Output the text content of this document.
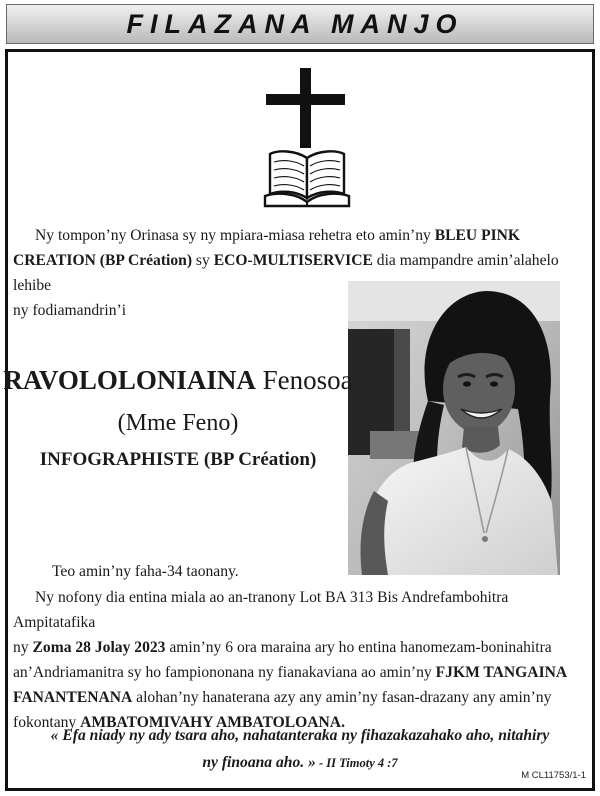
FILAZANA MANJO

Ny tompon’ny Orinasa sy ny mpiara-miasa rehetra eto amin’ny BLEU PINK
CREATION (BP Création) sy ECO-MULTISERVICE dia mampandre amin’alahelo lehibe
ny fodiamandrin’i

RAVOLOLONIAINA Fenosoa

(Mme Feno)

INFOGRAPHISTE (BP Création)

Teo amin’ny faha-34 taonany.

Ny nofony dia entina miala ao an-tranony Lot BA 313 Bis Andrefambohitra Ampitatafika
ny Zoma 28 Jolay 2023 amin’ny 6 ora maraina ary ho entina hanomezam-boninahitra
an’Andriamanitra sy ho fampiononana ny fianakaviana ao amin’ny FJKM TANGAINA
FANANTENANA alohan’ny hanaterana azy any amin’ny fasan-drazany any amin’ny
fokontany AMBATOMIVAHY AMBATOLOANA.

« Efa niady ny ady tsara aho, nahatanteraka ny fihazakazahako aho, nitahiry
ny finoana aho. » - II Timoty 4 :7

M CL11753/1-1
